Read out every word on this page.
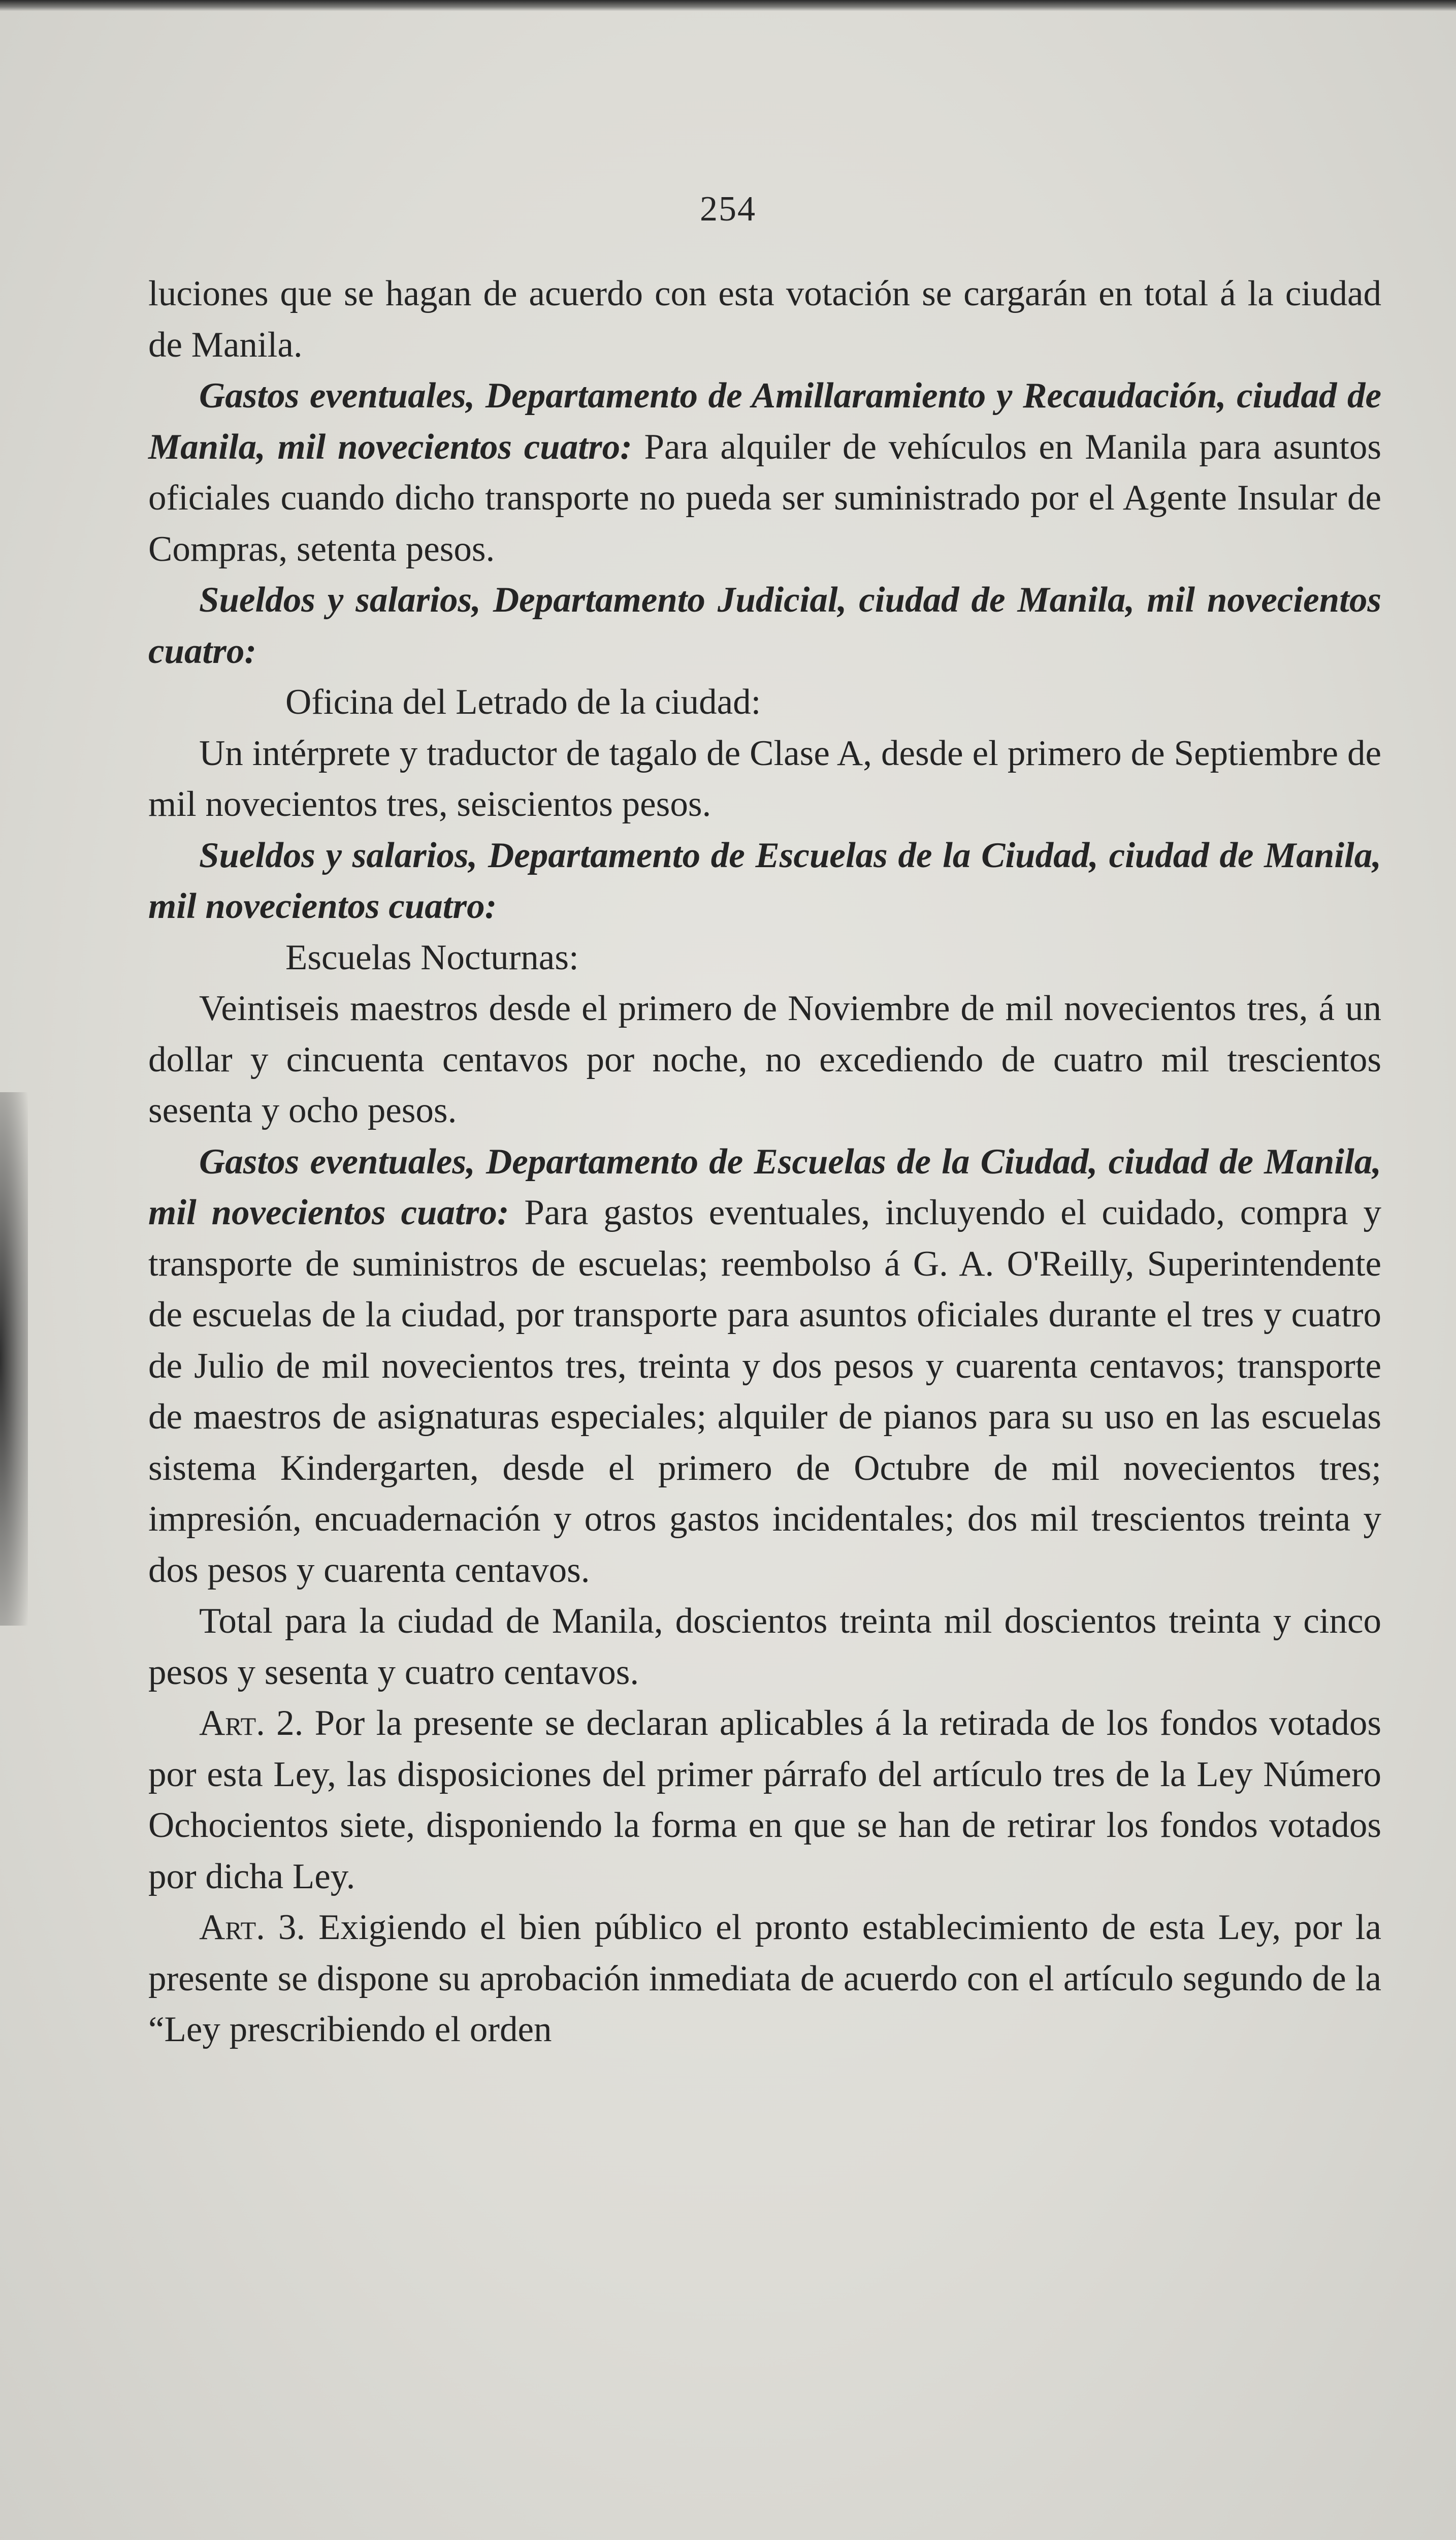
254

luciones que se hagan de acuerdo con esta votación se cargarán en total á la ciudad de Manila.

Gastos eventuales, Departamento de Amillaramiento y Recaudación, ciudad de Manila, mil novecientos cuatro: Para alquiler de vehículos en Manila para asuntos oficiales cuando dicho transporte no pueda ser suministrado por el Agente Insular de Compras, setenta pesos.

Sueldos y salarios, Departamento Judicial, ciudad de Manila, mil novecientos cuatro:

Oficina del Letrado de la ciudad:

Un intérprete y traductor de tagalo de Clase A, desde el primero de Septiembre de mil novecientos tres, seiscientos pesos.

Sueldos y salarios, Departamento de Escuelas de la Ciudad, ciudad de Manila, mil novecientos cuatro:

Escuelas Nocturnas:

Veintiseis maestros desde el primero de Noviembre de mil novecientos tres, á un dollar y cincuenta centavos por noche, no excediendo de cuatro mil trescientos sesenta y ocho pesos.

Gastos eventuales, Departamento de Escuelas de la Ciudad, ciudad de Manila, mil novecientos cuatro: Para gastos eventuales, incluyendo el cuidado, compra y transporte de suministros de escuelas; reembolso á G. A. O'Reilly, Superintendente de escuelas de la ciudad, por transporte para asuntos oficiales durante el tres y cuatro de Julio de mil novecientos tres, treinta y dos pesos y cuarenta centavos; transporte de maestros de asignaturas especiales; alquiler de pianos para su uso en las escuelas sistema Kindergarten, desde el primero de Octubre de mil novecientos tres; impresión, encuadernación y otros gastos incidentales; dos mil trescientos treinta y dos pesos y cuarenta centavos.

Total para la ciudad de Manila, doscientos treinta mil doscientos treinta y cinco pesos y sesenta y cuatro centavos.

Art. 2. Por la presente se declaran aplicables á la retirada de los fondos votados por esta Ley, las disposiciones del primer párrafo del artículo tres de la Ley Número Ochocientos siete, disponiendo la forma en que se han de retirar los fondos votados por dicha Ley.

Art. 3. Exigiendo el bien público el pronto establecimiento de esta Ley, por la presente se dispone su aprobación inmediata de acuerdo con el artículo segundo de la “Ley prescribiendo el orden
